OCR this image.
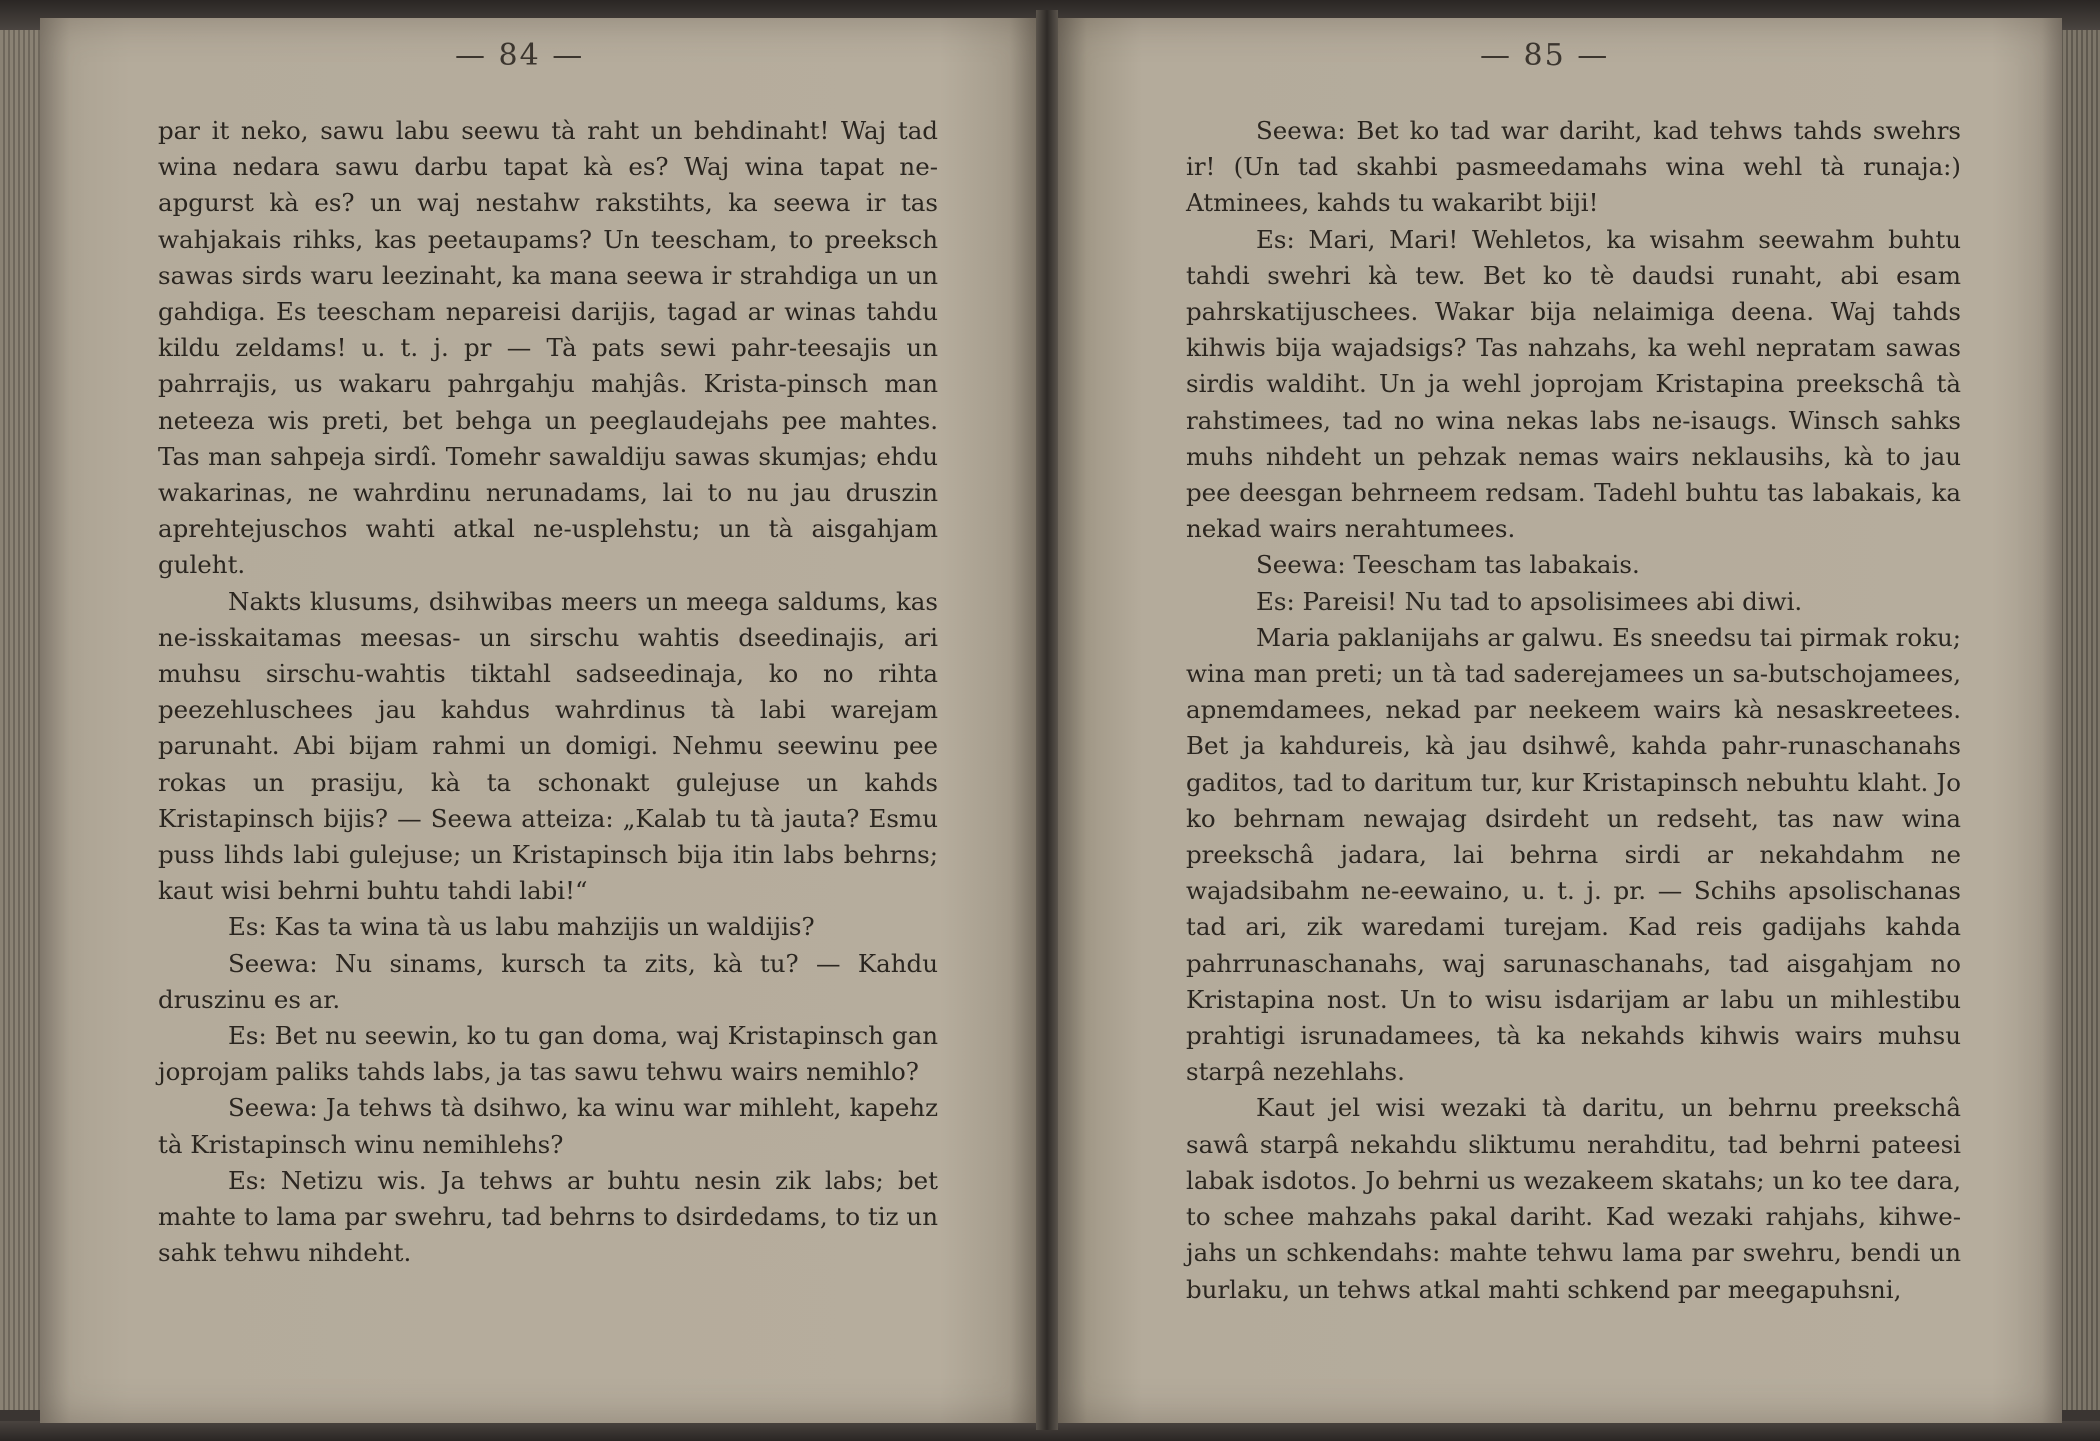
— 84 —	— 85 —

par it neko, sawu labu seewu tà raht un behdinaht! Waj tad wina nedara sawu darbu tapat kà es? Waj wina tapat ne-apgurst kà es? un waj nestahw rakstihts, ka seewa ir tas wahjakais rihks, kas peetaupams? Un teescham, to preeksch sawas sirds waru leezinaht, ka mana seewa ir strahdiga un un gahdiga. Es teescham nepareisi darijis, tagad ar winas tahdu kildu zeldams! u. t. j. pr — Tà pats sewi pahr-teesajis un pahrrajis, us wakaru pahrgahju mahjâs. Krista-pinsch man neteeza wis preti, bet behga un peeglaudejahs pee mahtes. Tas man sahpeja sirdî. Tomehr sawaldiju sawas skumjas; ehdu wakarinas, ne wahrdinu nerunadams, lai to nu jau druszin aprehtejuschos wahti atkal ne-usplehstu; un tà aisgahjam guleht.

Nakts klusums, dsihwibas meers un meega saldums, kas ne-isskaitamas meesas- un sirschu wahtis dseedinajis, ari muhsu sirschu-wahtis tiktahl sadseedinaja, ko no rihta peezehluschees jau kahdus wahrdinus tà labi warejam parunaht. Abi bijam rahmi un domigi. Nehmu seewinu pee rokas un prasiju, kà ta schonakt gulejuse un kahds Kristapinsch bijis? — Seewa atteiza: „Kalab tu tà jauta? Esmu puss lihds labi gulejuse; un Kristapinsch bija itin labs behrns; kaut wisi behrni buhtu tahdi labi!“

Es: Kas ta wina tà us labu mahzijis un waldijis?

Seewa: Nu sinams, kursch ta zits, kà tu? — Kahdu druszinu es ar.

Es: Bet nu seewin, ko tu gan doma, waj Kristapinsch gan joprojam paliks tahds labs, ja tas sawu tehwu wairs nemihlo?

Seewa: Ja tehws tà dsihwo, ka winu war mihleht, kapehz tà Kristapinsch winu nemihlehs?

Es: Netizu wis. Ja tehws ar buhtu nesin zik labs; bet mahte to lama par swehru, tad behrns to dsirdedams, to tiz un sahk tehwu nihdeht.

Seewa: Bet ko tad war dariht, kad tehws tahds swehrs ir! (Un tad skahbi pasmeedamahs wina wehl tà runaja:) Atminees, kahds tu wakaribt biji!

Es: Mari, Mari! Wehletos, ka wisahm seewahm buhtu tahdi swehri kà tew. Bet ko tè daudsi runaht, abi esam pahrskatijuschees. Wakar bija nelaimiga deena. Waj tahds kihwis bija wajadsigs? Tas nahzahs, ka wehl nepratam sawas sirdis waldiht. Un ja wehl joprojam Kristapina preekschâ tà rahstimees, tad no wina nekas labs ne-isaugs. Winsch sahks muhs nihdeht un pehzak nemas wairs neklausihs, kà to jau pee deesgan behrneem redsam. Tadehl buhtu tas labakais, ka nekad wairs nerahtumees.

Seewa: Teescham tas labakais.

Es: Pareisi! Nu tad to apsolisimees abi diwi.

Maria paklanijahs ar galwu. Es sneedsu tai pirmak roku; wina man preti; un tà tad saderejamees un sa-butschojamees, apnemdamees, nekad par neekeem wairs kà nesaskreetees. Bet ja kahdureis, kà jau dsihwê, kahda pahr-runaschanahs gaditos, tad to daritum tur, kur Kristapinsch nebuhtu klaht. Jo ko behrnam newajag dsirdeht un redseht, tas naw wina preekschâ jadara, lai behrna sirdi ar nekahdahm ne wajadsibahm ne-eewaino, u. t. j. pr. — Schihs apsolischanas tad ari, zik waredami turejam. Kad reis gadijahs kahda pahrrunaschanahs, waj sarunaschanahs, tad aisgahjam no Kristapina nost. Un to wisu isdarijam ar labu un mihlestibu prahtigi isrunadamees, tà ka nekahds kihwis wairs muhsu starpâ nezehlahs.

Kaut jel wisi wezaki tà daritu, un behrnu preekschâ sawâ starpâ nekahdu sliktumu nerahditu, tad behrni pateesi labak isdotos. Jo behrni us wezakeem skatahs; un ko tee dara, to schee mahzahs pakal dariht. Kad wezaki rahjahs, kihwe-jahs un schkendahs: mahte tehwu lama par swehru, bendi un burlaku, un tehws atkal mahti schkend par meegapuhsni,
